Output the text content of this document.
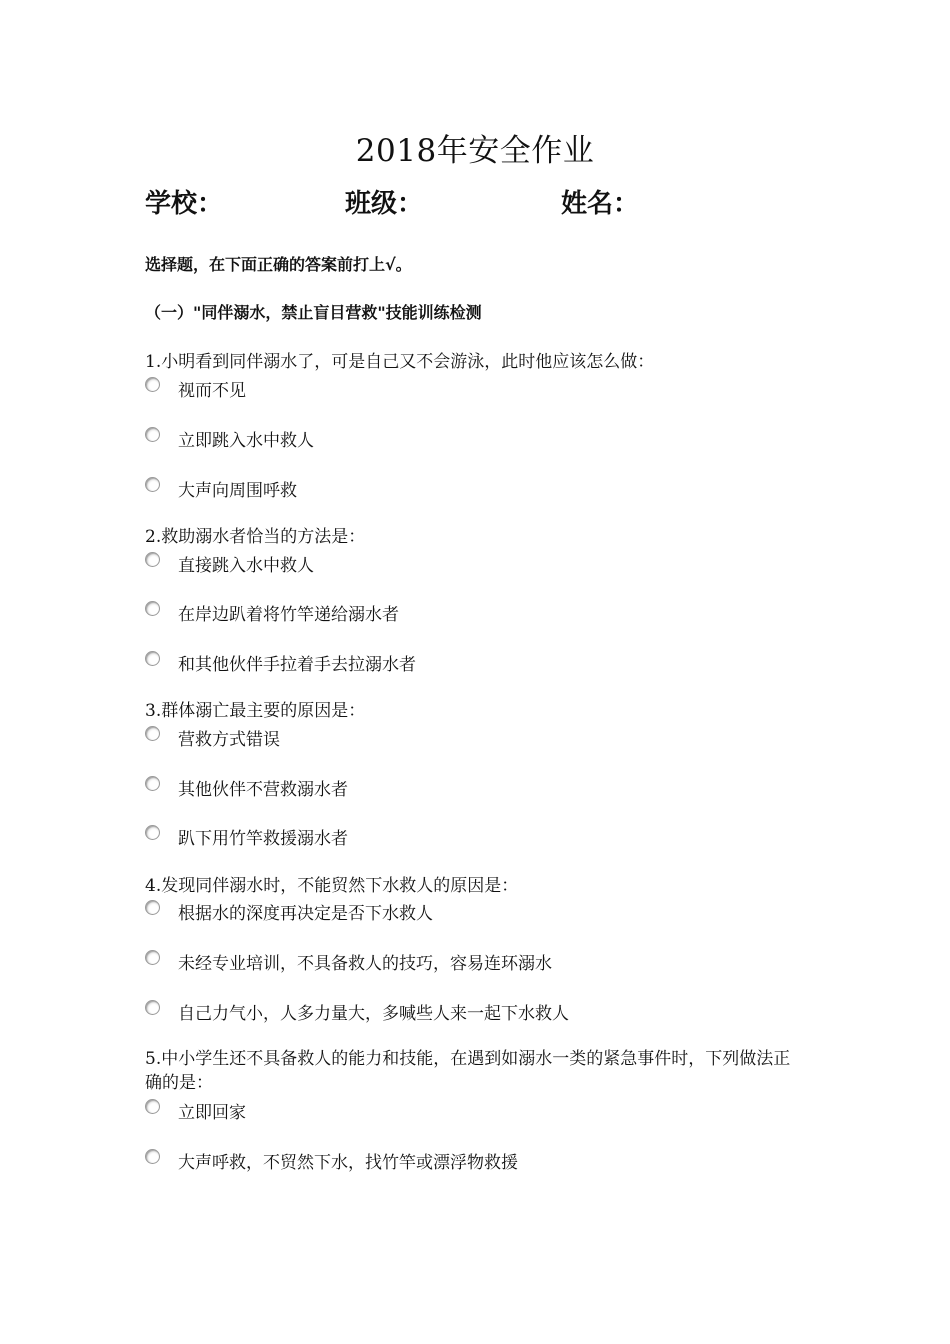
2018年安全作业
学校：	班级：	姓名：
选择题，在下面正确的答案前打上√。
（一）"同伴溺水，禁止盲目营救"技能训练检测
1.小明看到同伴溺水了，可是自己又不会游泳，此时他应该怎么做：
视而不见
立即跳入水中救人
大声向周围呼救
2.救助溺水者恰当的方法是：
直接跳入水中救人
在岸边趴着将竹竿递给溺水者
和其他伙伴手拉着手去拉溺水者
3.群体溺亡最主要的原因是：
营救方式错误
其他伙伴不营救溺水者
趴下用竹竿救援溺水者
4.发现同伴溺水时，不能贸然下水救人的原因是：
根据水的深度再决定是否下水救人
未经专业培训，不具备救人的技巧，容易连环溺水
自己力气小，人多力量大，多喊些人来一起下水救人
5.中小学生还不具备救人的能力和技能，在遇到如溺水一类的紧急事件时，下列做法正确的是：
立即回家
大声呼救，不贸然下水，找竹竿或漂浮物救援
